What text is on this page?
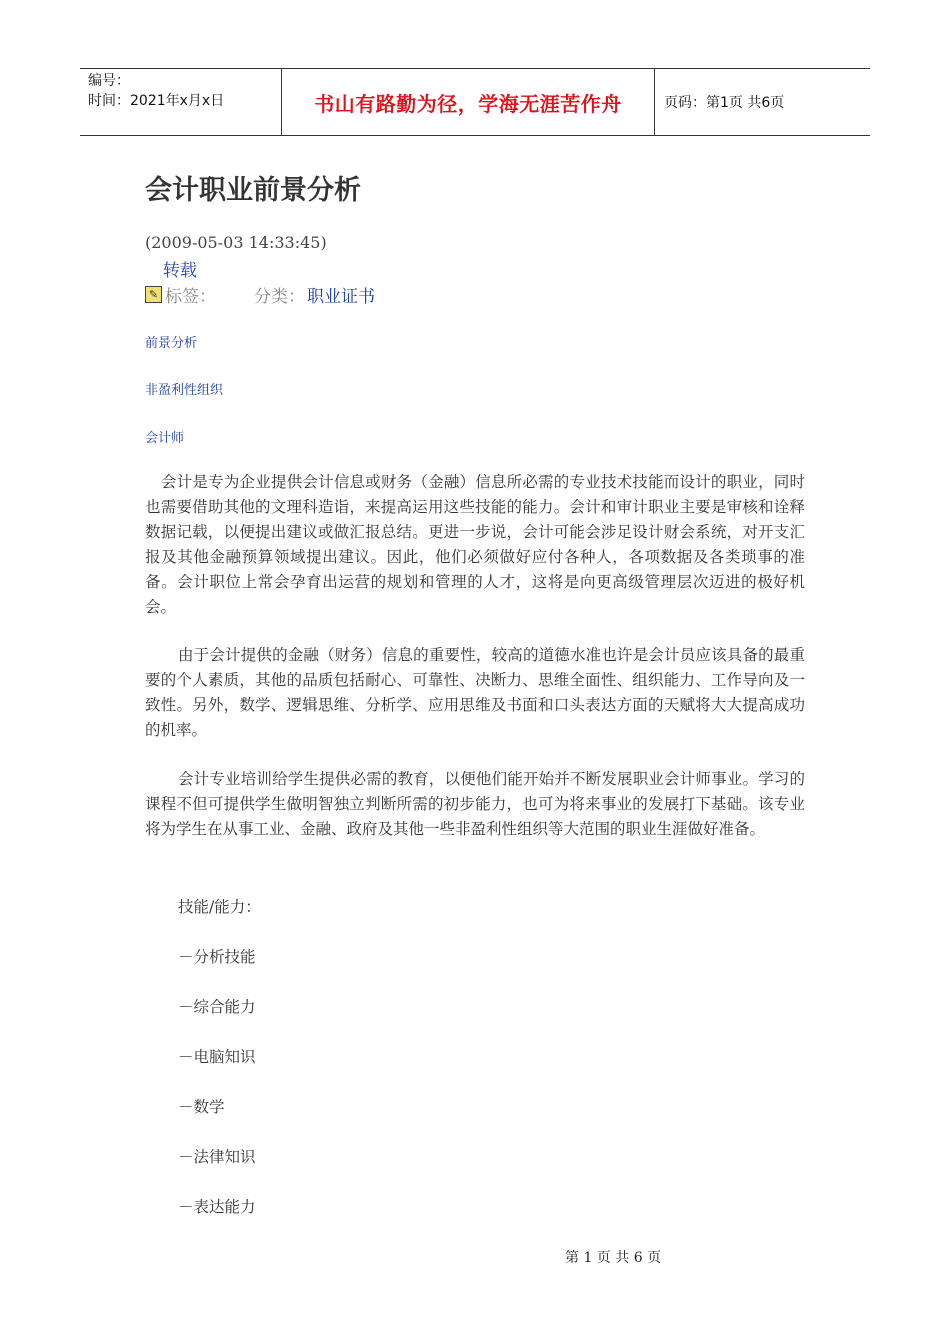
编号：
时间：2021年x月x日	书山有路勤为径，学海无涯苦作舟	页码：第1页 共6页
会计职业前景分析
(2009-05-03 14:33:45)
转载
✎ 标签： 分类： 职业证书
前景分析
非盈利性组织
会计师

会计是专为企业提供会计信息或财务（金融）信息所必需的专业技术技能而设计的职业，同时也需要借助其他的文理科造诣，来提高运用这些技能的能力。会计和审计职业主要是审核和诠释数据记载，以便提出建议或做汇报总结。更进一步说，会计可能会涉足设计财会系统，对开支汇报及其他金融预算领域提出建议。因此，他们必须做好应付各种人，各项数据及各类琐事的准备。会计职位上常会孕育出运营的规划和管理的人才，这将是向更高级管理层次迈进的极好机会。

由于会计提供的金融（财务）信息的重要性，较高的道德水准也许是会计员应该具备的最重要的个人素质，其他的品质包括耐心、可靠性、决断力、思维全面性、组织能力、工作导向及一致性。另外，数学、逻辑思维、分析学、应用思维及书面和口头表达方面的天赋将大大提高成功的机率。

会计专业培训给学生提供必需的教育，以便他们能开始并不断发展职业会计师事业。学习的课程不但可提供学生做明智独立判断所需的初步能力，也可为将来事业的发展打下基础。该专业将为学生在从事工业、金融、政府及其他一些非盈利性组织等大范围的职业生涯做好准备。

技能/能力：
－分析技能
－综合能力
－电脑知识
－数学
－法律知识
－表达能力
第 1 页 共 6 页
